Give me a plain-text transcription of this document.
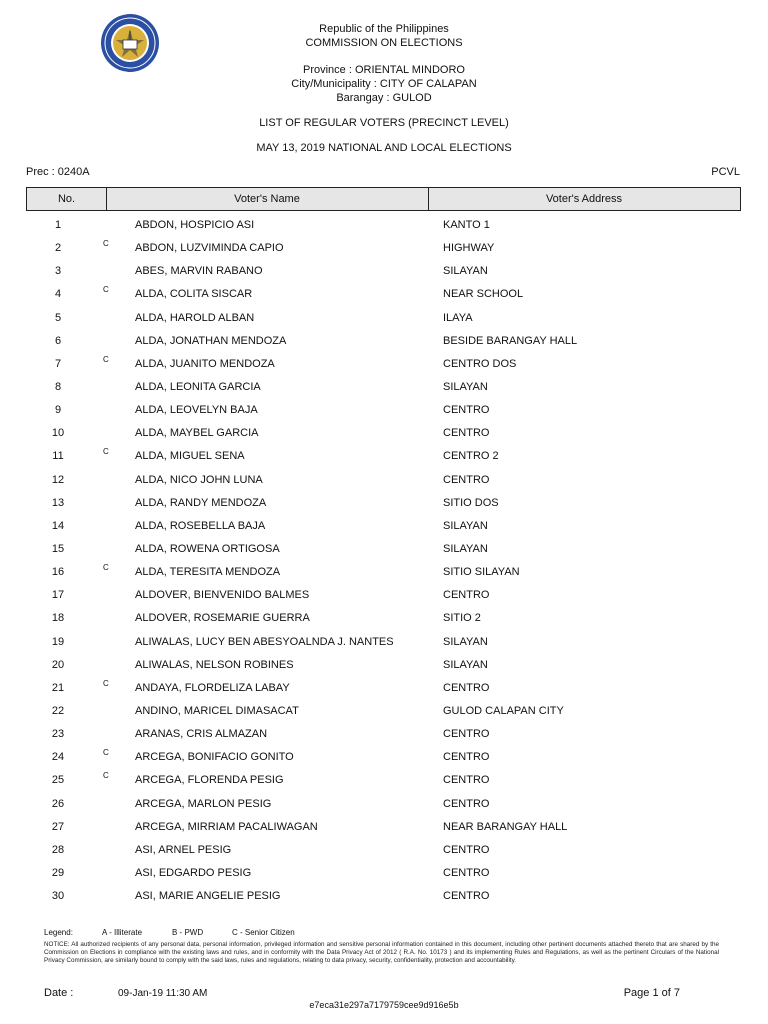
Republic of the Philippines
COMMISSION ON ELECTIONS
Province : ORIENTAL MINDORO
City/Municipality : CITY OF CALAPAN
Barangay : GULOD
LIST OF REGULAR VOTERS (PRECINCT LEVEL)
MAY 13, 2019 NATIONAL AND LOCAL ELECTIONS
Prec : 0240A	PCVL
No.	Voter's Name	Voter's Address
1	ABDON, HOSPICIO ASI	KANTO 1
2	C ABDON, LUZVIMINDA CAPIO	HIGHWAY
3	ABES, MARVIN RABANO	SILAYAN
4	C ALDA, COLITA SISCAR	NEAR SCHOOL
5	ALDA, HAROLD ALBAN	ILAYA
6	ALDA, JONATHAN MENDOZA	BESIDE BARANGAY HALL
7	C ALDA, JUANITO MENDOZA	CENTRO DOS
8	ALDA, LEONITA GARCIA	SILAYAN
9	ALDA, LEOVELYN BAJA	CENTRO
10	ALDA, MAYBEL GARCIA	CENTRO
11	C ALDA, MIGUEL SENA	CENTRO 2
12	ALDA, NICO JOHN LUNA	CENTRO
13	ALDA, RANDY MENDOZA	SITIO DOS
14	ALDA, ROSEBELLA BAJA	SILAYAN
15	ALDA, ROWENA ORTIGOSA	SILAYAN
16	C ALDA, TERESITA MENDOZA	SITIO SILAYAN
17	ALDOVER, BIENVENIDO BALMES	CENTRO
18	ALDOVER, ROSEMARIE GUERRA	SITIO 2
19	ALIWALAS, LUCY BEN ABESYOALNDA J. NANTES	SILAYAN
20	ALIWALAS, NELSON ROBINES	SILAYAN
21	C ANDAYA, FLORDELIZA LABAY	CENTRO
22	ANDINO, MARICEL DIMASACAT	GULOD CALAPAN CITY
23	ARANAS, CRIS ALMAZAN	CENTRO
24	C ARCEGA, BONIFACIO GONITO	CENTRO
25	C ARCEGA, FLORENDA PESIG	CENTRO
26	ARCEGA, MARLON PESIG	CENTRO
27	ARCEGA, MIRRIAM PACALIWAGAN	NEAR BARANGAY HALL
28	ASI, ARNEL PESIG	CENTRO
29	ASI, EDGARDO PESIG	CENTRO
30	ASI, MARIE ANGELIE PESIG	CENTRO
Legend:	A - Illiterate	B - PWD	C - Senior Citizen
NOTICE: All authorized recipients of any personal data, personal information, privileged information and sensitive personal information contained in this document, including other pertinent documents attached thereto that are shared by the Commission on Elections in compliance with the existing laws and rules, and in conformity with the Data Privacy Act of 2012 ( R.A. No. 10173 ) and its implementing Rules and Regulations, as well as the pertinent Circulars of the National Privacy Commission, are similarly bound to comply with the said laws, rules and regulations, relating to data privacy, security, confidentiality, protection and accountability.
Date :	09-Jan-19 11:30 AM	Page 1 of 7
e7eca31e297a7179759cee9d916e5b
